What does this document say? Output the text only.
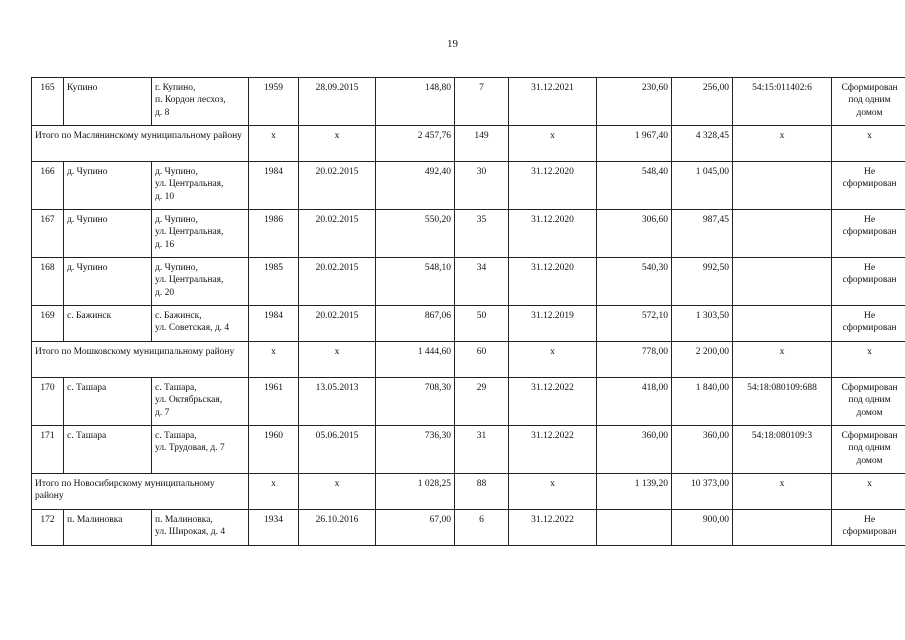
19
165	Купино	г. Купино,
п. Кордон лесхоз,
д. 8	1959	28.09.2015	148,80	7	31.12.2021	230,60	256,00	54:15:011402:6	Сформирован
под одним
домом
Итого по Маслянинскому муниципальному району			х	х	2 457,76	149	х	1 967,40	4 328,45	х	х
166	д. Чупино	д. Чупино,
ул. Центральная,
д. 10	1984	20.02.2015	492,40	30	31.12.2020	548,40	1 045,00		Не
сформирован
167	д. Чупино	д. Чупино,
ул. Центральная,
д. 16	1986	20.02.2015	550,20	35	31.12.2020	306,60	987,45		Не
сформирован
168	д. Чупино	д. Чупино,
ул. Центральная,
д. 20	1985	20.02.2015	548,10	34	31.12.2020	540,30	992,50		Не
сформирован
169	с. Бажинск	с. Бажинск,
ул. Советская, д. 4	1984	20.02.2015	867,06	50	31.12.2019	572,10	1 303,50		Не
сформирован
Итого по Мошковскому муниципальному району			х	х	1 444,60	60	х	778,00	2 200,00	х	х
170	с. Ташара	с. Ташара,
ул. Октябрьская,
д. 7	1961	13.05.2013	708,30	29	31.12.2022	418,00	1 840,00	54:18:080109:688	Сформирован
под одним
домом
171	с. Ташара	с. Ташара,
ул. Трудовая, д. 7	1960	05.06.2015	736,30	31	31.12.2022	360,00	360,00	54:18:080109:3	Сформирован
под одним
домом
Итого по Новосибирскому муниципальному району			х	х	1 028,25	88	х	1 139,20	10 373,00	х	х
172	п. Малиновка	п. Малиновка,
ул. Широкая, д. 4	1934	26.10.2016	67,00	6	31.12.2022		900,00		Не
сформирован
